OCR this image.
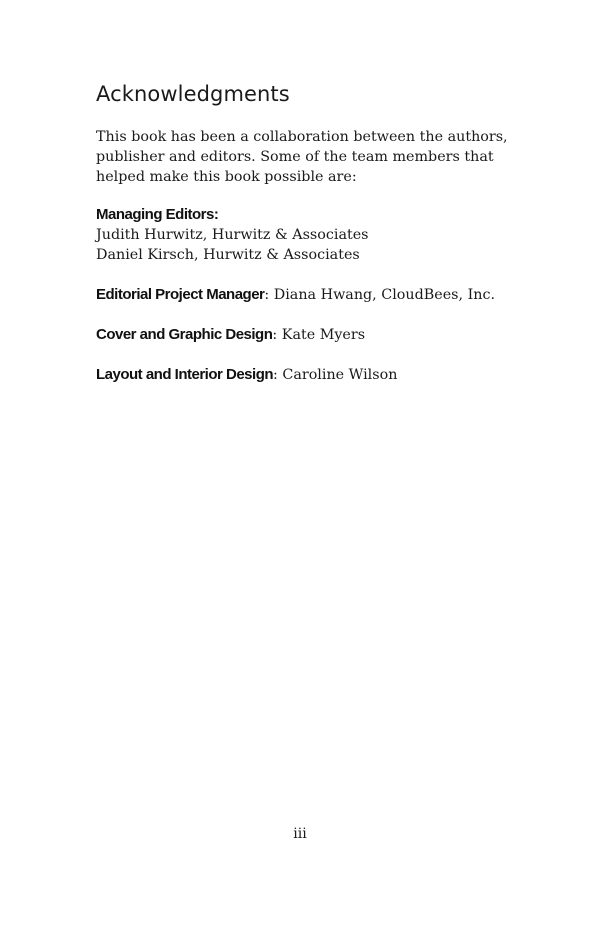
Acknowledgments
This book has been a collaboration between the authors,
publisher and editors. Some of the team members that
helped make this book possible are:
Managing Editors:
Judith Hurwitz, Hurwitz & Associates
Daniel Kirsch, Hurwitz & Associates
Editorial Project Manager: Diana Hwang, CloudBees, Inc.
Cover and Graphic Design: Kate Myers
Layout and Interior Design: Caroline Wilson
iii
